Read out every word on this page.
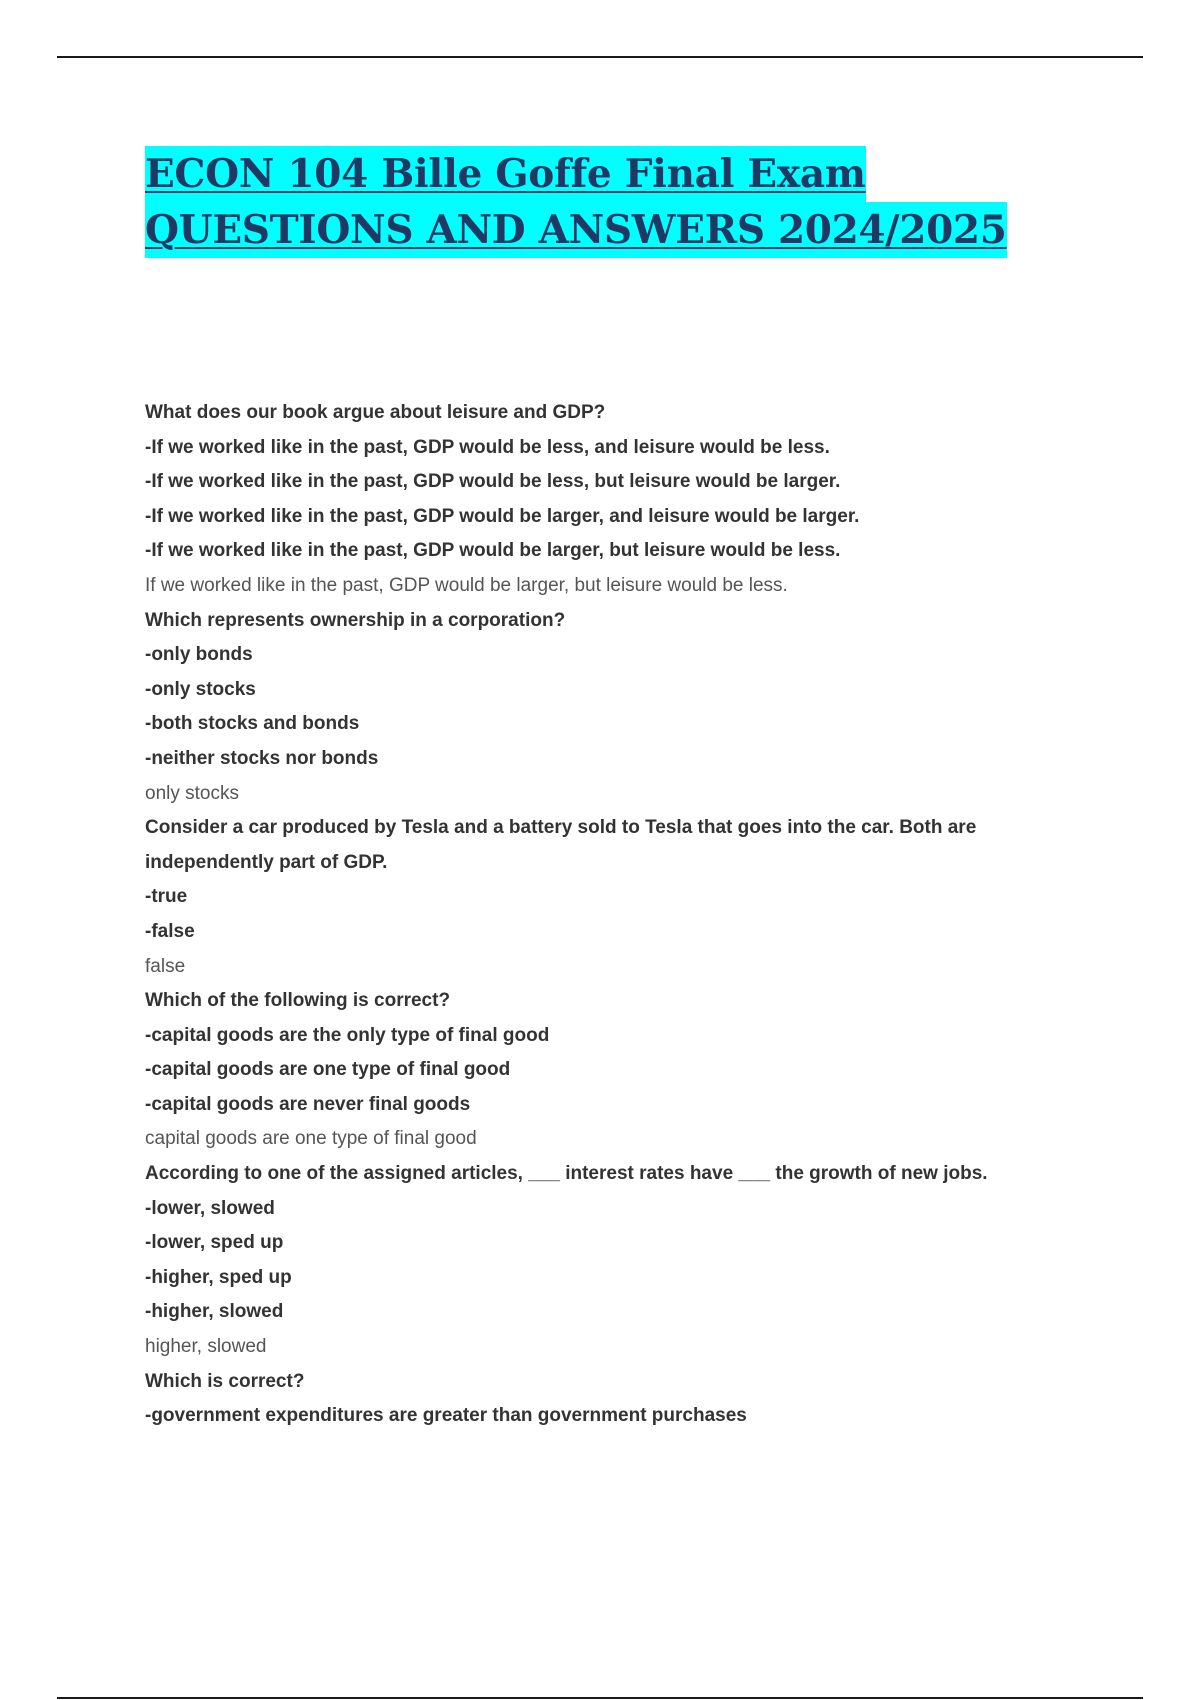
ECON 104 Bille Goffe Final Exam
QUESTIONS AND ANSWERS 2024/2025
What does our book argue about leisure and GDP?
-If we worked like in the past, GDP would be less, and leisure would be less.
-If we worked like in the past, GDP would be less, but leisure would be larger.
-If we worked like in the past, GDP would be larger, and leisure would be larger.
-If we worked like in the past, GDP would be larger, but leisure would be less.
If we worked like in the past, GDP would be larger, but leisure would be less.
Which represents ownership in a corporation?
-only bonds
-only stocks
-both stocks and bonds
-neither stocks nor bonds
only stocks
Consider a car produced by Tesla and a battery sold to Tesla that goes into the car. Both are
independently part of GDP.
-true
-false
false
Which of the following is correct?
-capital goods are the only type of final good
-capital goods are one type of final good
-capital goods are never final goods
capital goods are one type of final good
According to one of the assigned articles, ___ interest rates have ___ the growth of new jobs.
-lower, slowed
-lower, sped up
-higher, sped up
-higher, slowed
higher, slowed
Which is correct?
-government expenditures are greater than government purchases
